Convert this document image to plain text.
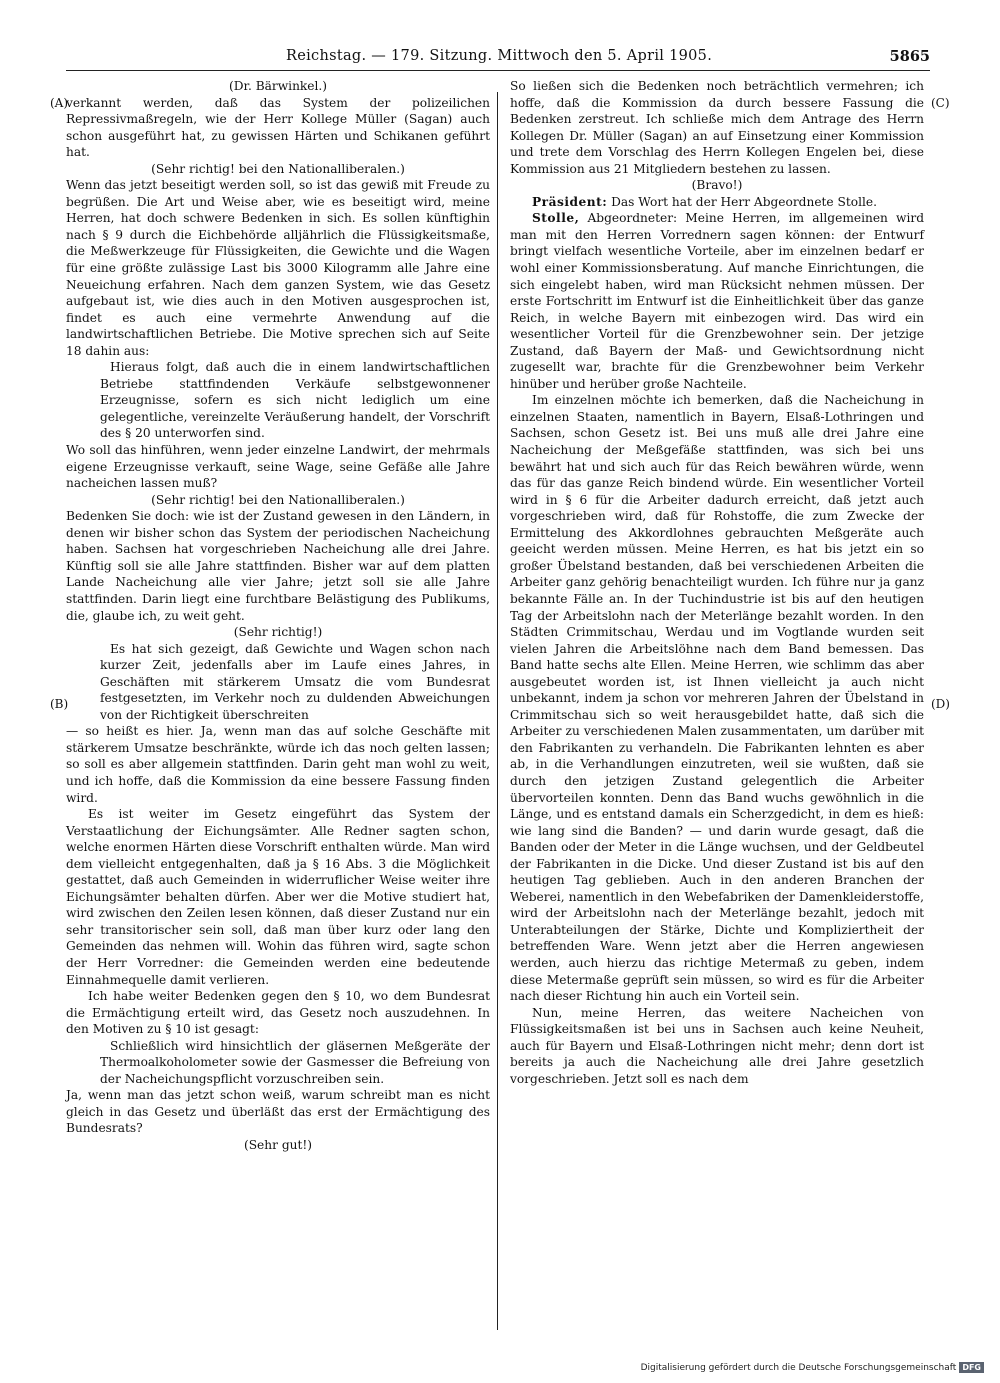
Reichstag. — 179. Sitzung. Mittwoch den 5. April 1905.	5865
(A)
(B)
(C)
(D)

(Dr. Bärwinkel.)

verkannt werden, daß das System der polizeilichen Repressivmaßregeln, wie der Herr Kollege Müller (Sagan) auch schon ausgeführt hat, zu gewissen Härten und Schikanen geführt hat.

(Sehr richtig! bei den Nationalliberalen.)

Wenn das jetzt beseitigt werden soll, so ist das gewiß mit Freude zu begrüßen. Die Art und Weise aber, wie es beseitigt wird, meine Herren, hat doch schwere Bedenken in sich. Es sollen künftighin nach § 9 durch die Eichbehörde alljährlich die Flüssigkeitsmaße, die Meßwerkzeuge für Flüssigkeiten, die Gewichte und die Wagen für eine größte zulässige Last bis 3000 Kilogramm alle Jahre eine Neueichung erfahren. Nach dem ganzen System, wie das Gesetz aufgebaut ist, wie dies auch in den Motiven ausgesprochen ist, findet es auch eine vermehrte Anwendung auf die landwirtschaftlichen Betriebe. Die Motive sprechen sich auf Seite 18 dahin aus:

Hieraus folgt, daß auch die in einem landwirtschaftlichen Betriebe stattfindenden Verkäufe selbstgewonnener Erzeugnisse, sofern es sich nicht lediglich um eine gelegentliche, vereinzelte Veräußerung handelt, der Vorschrift des § 20 unterworfen sind.

Wo soll das hinführen, wenn jeder einzelne Landwirt, der mehrmals eigene Erzeugnisse verkauft, seine Wage, seine Gefäße alle Jahre nacheichen lassen muß?

(Sehr richtig! bei den Nationalliberalen.)

Bedenken Sie doch: wie ist der Zustand gewesen in den Ländern, in denen wir bisher schon das System der periodischen Nacheichung haben. Sachsen hat vorgeschrieben Nacheichung alle drei Jahre. Künftig soll sie alle Jahre stattfinden. Bisher war auf dem platten Lande Nacheichung alle vier Jahre; jetzt soll sie alle Jahre stattfinden. Darin liegt eine furchtbare Belästigung des Publikums, die, glaube ich, zu weit geht.

(Sehr richtig!)

Es hat sich gezeigt, daß Gewichte und Wagen schon nach kurzer Zeit, jedenfalls aber im Laufe eines Jahres, in Geschäften mit stärkerem Umsatz die vom Bundesrat festgesetzten, im Verkehr noch zu duldenden Abweichungen von der Richtigkeit überschreiten

— so heißt es hier. Ja, wenn man das auf solche Geschäfte mit stärkerem Umsatze beschränkte, würde ich das noch gelten lassen; so soll es aber allgemein stattfinden. Darin geht man wohl zu weit, und ich hoffe, daß die Kommission da eine bessere Fassung finden wird.

Es ist weiter im Gesetz eingeführt das System der Verstaatlichung der Eichungsämter. Alle Redner sagten schon, welche enormen Härten diese Vorschrift enthalten würde. Man wird dem vielleicht entgegenhalten, daß ja § 16 Abs. 3 die Möglichkeit gestattet, daß auch Gemeinden in widerruflicher Weise weiter ihre Eichungsämter behalten dürfen. Aber wer die Motive studiert hat, wird zwischen den Zeilen lesen können, daß dieser Zustand nur ein sehr transitorischer sein soll, daß man über kurz oder lang den Gemeinden das nehmen will. Wohin das führen wird, sagte schon der Herr Vorredner: die Gemeinden werden eine bedeutende Einnahmequelle damit verlieren.

Ich habe weiter Bedenken gegen den § 10, wo dem Bundesrat die Ermächtigung erteilt wird, das Gesetz noch auszudehnen. In den Motiven zu § 10 ist gesagt:

Schließlich wird hinsichtlich der gläsernen Meßgeräte der Thermoalkoholometer sowie der Gasmesser die Befreiung von der Nacheichungspflicht vorzuschreiben sein.

Ja, wenn man das jetzt schon weiß, warum schreibt man es nicht gleich in das Gesetz und überläßt das erst der Ermächtigung des Bundesrats?

(Sehr gut!)

So ließen sich die Bedenken noch beträchtlich vermehren; ich hoffe, daß die Kommission da durch bessere Fassung die Bedenken zerstreut. Ich schließe mich dem Antrage des Herrn Kollegen Dr. Müller (Sagan) an auf Einsetzung einer Kommission und trete dem Vorschlag des Herrn Kollegen Engelen bei, diese Kommission aus 21 Mitgliedern bestehen zu lassen.

(Bravo!)

Präsident: Das Wort hat der Herr Abgeordnete Stolle.

Stolle, Abgeordneter: Meine Herren, im allgemeinen wird man mit den Herren Vorrednern sagen können: der Entwurf bringt vielfach wesentliche Vorteile, aber im einzelnen bedarf er wohl einer Kommissionsberatung. Auf manche Einrichtungen, die sich eingelebt haben, wird man Rücksicht nehmen müssen. Der erste Fortschritt im Entwurf ist die Einheitlichkeit über das ganze Reich, in welche Bayern mit einbezogen wird. Das wird ein wesentlicher Vorteil für die Grenzbewohner sein. Der jetzige Zustand, daß Bayern der Maß- und Gewichtsordnung nicht zugesellt war, brachte für die Grenzbewohner beim Verkehr hinüber und herüber große Nachteile.

Im einzelnen möchte ich bemerken, daß die Nacheichung in einzelnen Staaten, namentlich in Bayern, Elsaß-Lothringen und Sachsen, schon Gesetz ist. Bei uns muß alle drei Jahre eine Nacheichung der Meßgefäße stattfinden, was sich bei uns bewährt hat und sich auch für das Reich bewähren würde, wenn das für das ganze Reich bindend würde. Ein wesentlicher Vorteil wird in § 6 für die Arbeiter dadurch erreicht, daß jetzt auch vorgeschrieben wird, daß für Rohstoffe, die zum Zwecke der Ermittelung des Akkordlohnes gebrauchten Meßgeräte auch geeicht werden müssen. Meine Herren, es hat bis jetzt ein so großer Übelstand bestanden, daß bei verschiedenen Arbeiten die Arbeiter ganz gehörig benachteiligt wurden. Ich führe nur ja ganz bekannte Fälle an. In der Tuchindustrie ist bis auf den heutigen Tag der Arbeitslohn nach der Meterlänge bezahlt worden. In den Städten Crimmitschau, Werdau und im Vogtlande wurden seit vielen Jahren die Arbeitslöhne nach dem Band bemessen. Das Band hatte sechs alte Ellen. Meine Herren, wie schlimm das aber ausgebeutet worden ist, ist Ihnen vielleicht ja auch nicht unbekannt, indem ja schon vor mehreren Jahren der Übelstand in Crimmitschau sich so weit herausgebildet hatte, daß sich die Arbeiter zu verschiedenen Malen zusammentaten, um darüber mit den Fabrikanten zu verhandeln. Die Fabrikanten lehnten es aber ab, in die Verhandlungen einzutreten, weil sie wußten, daß sie durch den jetzigen Zustand gelegentlich die Arbeiter übervorteilen konnten. Denn das Band wuchs gewöhnlich in die Länge, und es entstand damals ein Scherzgedicht, in dem es hieß: wie lang sind die Banden? — und darin wurde gesagt, daß die Banden oder der Meter in die Länge wuchsen, und der Geldbeutel der Fabrikanten in die Dicke. Und dieser Zustand ist bis auf den heutigen Tag geblieben. Auch in den anderen Branchen der Weberei, namentlich in den Webefabriken der Damenkleiderstoffe, wird der Arbeitslohn nach der Meterlänge bezahlt, jedoch mit Unterabteilungen der Stärke, Dichte und Kompliziertheit der betreffenden Ware. Wenn jetzt aber die Herren angewiesen werden, auch hierzu das richtige Metermaß zu geben, indem diese Metermaße geprüft sein müssen, so wird es für die Arbeiter nach dieser Richtung hin auch ein Vorteil sein.

Nun, meine Herren, das weitere Nacheichen von Flüssigkeitsmaßen ist bei uns in Sachsen auch keine Neuheit, auch für Bayern und Elsaß-Lothringen nicht mehr; denn dort ist bereits ja auch die Nacheichung alle drei Jahre gesetzlich vorgeschrieben. Jetzt soll es nach dem

Digitalisierung gefördert durch die Deutsche Forschungsgemeinschaft DFG
